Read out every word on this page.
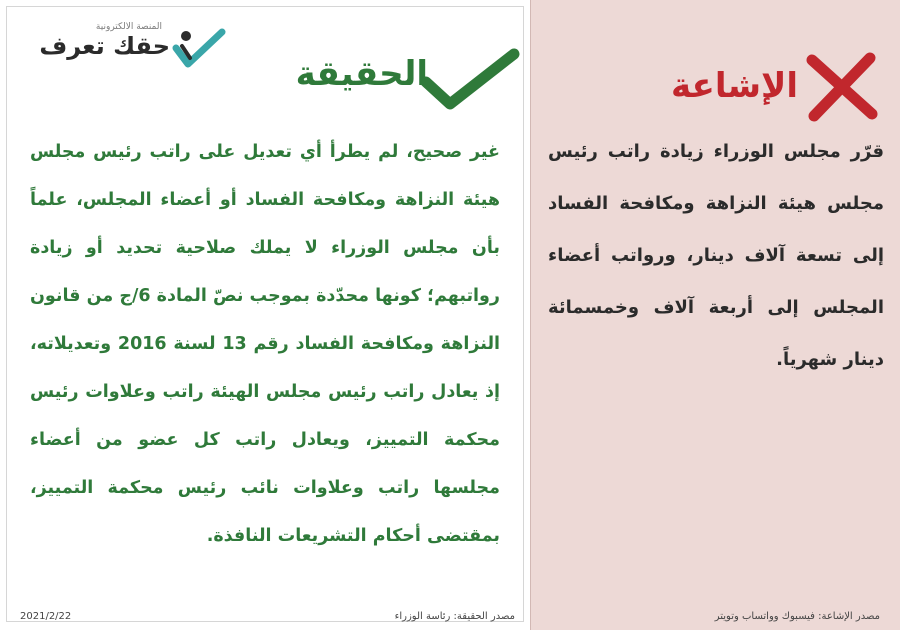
المنصة الالكترونية
حقك تعرف
الحقيقة
غير صحيح، لم يطرأ أي تعديل على راتب رئيس مجلس هيئة النزاهة ومكافحة الفساد أو أعضاء المجلس، علماً بأن مجلس الوزراء لا يملك صلاحية تحديد أو زيادة رواتبهم؛ كونها محدّدة بموجب نصّ المادة 6/ج من قانون النزاهة ومكافحة الفساد رقم 13 لسنة 2016 وتعديلاته، إذ يعادل راتب رئيس مجلس الهيئة راتب وعلاوات رئيس محكمة التمييز، ويعادل راتب كل عضو من أعضاء مجلسها راتب وعلاوات نائب رئيس محكمة التمييز، بمقتضى أحكام التشريعات النافذة.
الإشاعة
قرّر مجلس الوزراء زيادة راتب رئيس مجلس هيئة النزاهة ومكافحة الفساد إلى تسعة آلاف دينار، ورواتب أعضاء المجلس إلى أربعة آلاف وخمسمائة دينار شهرياً.
2021/2/22	مصدر الحقيقة: رئاسة الوزراء	مصدر الإشاعة: فيسبوك وواتساب وتويتر
